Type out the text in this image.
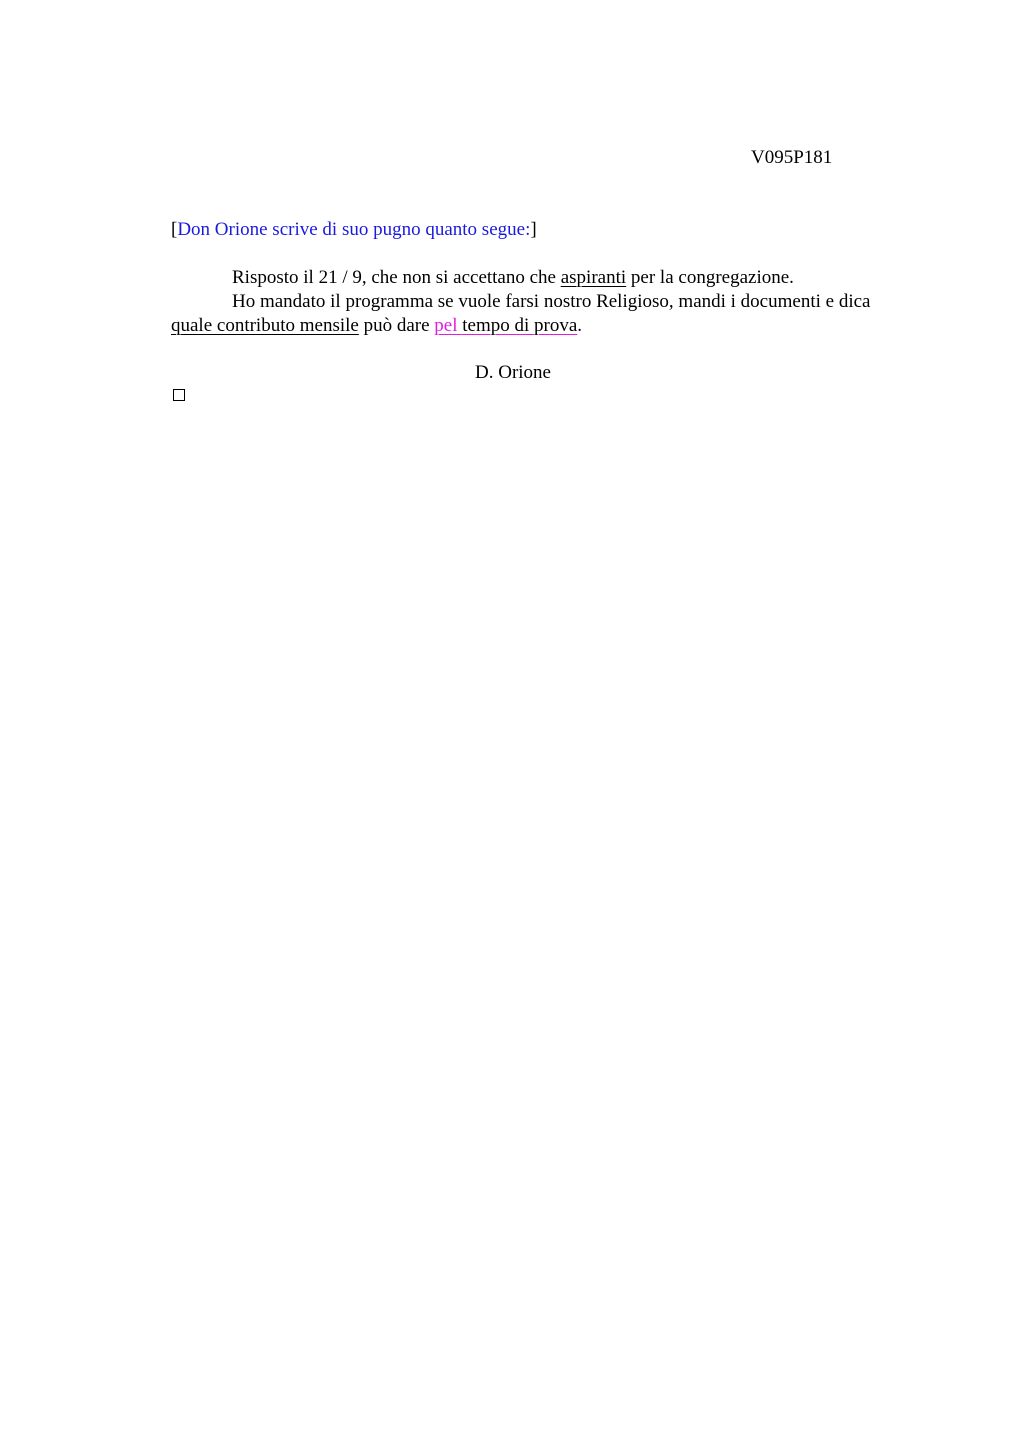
V095P181
[Don Orione scrive di suo pugno quanto segue:]

Risposto il 21 / 9, che non si accettano che aspiranti per la congregazione.

Ho mandato il programma se vuole farsi nostro Religioso, mandi i documenti e dica
quale contributo mensile può dare pel tempo di prova.

D. Orione
